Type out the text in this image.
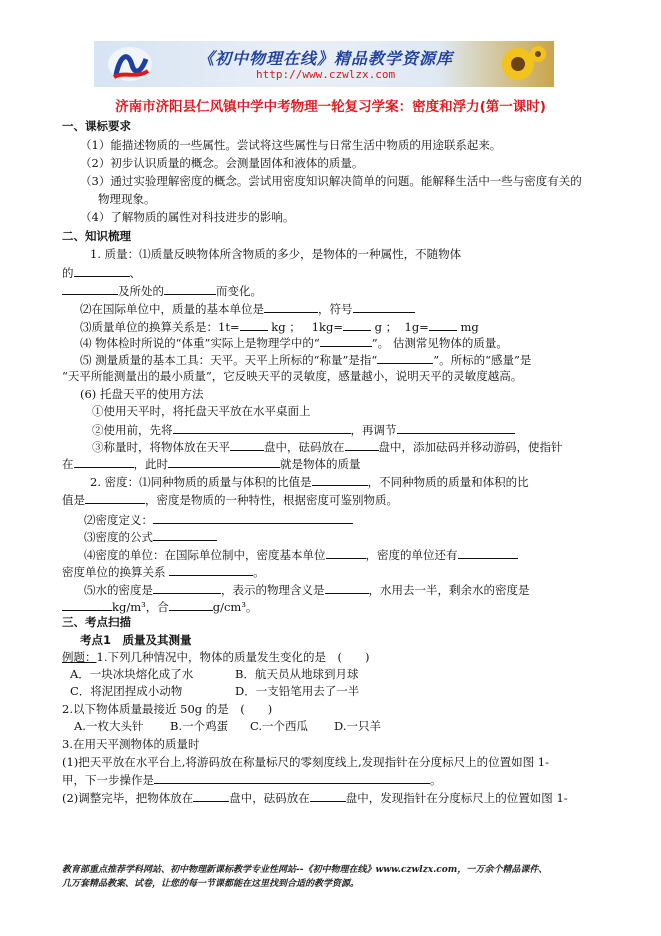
《初中物理在线》精品教学资源库
http://www.czwlzx.com
济南市济阳县仁风镇中学中考物理一轮复习学案：密度和浮力(第一课时)
一、课标要求
（1）能描述物质的一些属性。尝试将这些属性与日常生活中物质的用途联系起来。
（2）初步认识质量的概念。会测量固体和液体的质量。
（3）通过实验理解密度的概念。尝试用密度知识解决简单的问题。能解释生活中一些与密度有关的
物理现象。
（4）了解物质的属性对科技进步的影响。
二、知识梳理
1. 质量：⑴质量反映物体所含物质的多少，是物体的一种属性，不随物体
的	、
及所处的	而变化。
⑵在国际单位中，质量的基本单位是	，符号
⑶质量单位的换算关系是：1t=	kg ； 1kg=	g ； 1g=	mg
⑷ 物体检时所说的“体重”实际上是物理学中的“	”。 估测常见物体的质量。
⑸ 测量质量的基本工具：天平。天平上所标的“称量”是指“	”。所标的“感量”是
“天平所能测量出的最小质量”，它反映天平的灵敏度，感量越小，说明天平的灵敏度越高。
(6) 托盘天平的使用方法
①使用天平时，将托盘天平放在水平桌面上
②使用前，先将	，再调节
③称量时，将物体放在天平	盘中，砝码放在	盘中，添加砝码并移动游码，使指针
在	，此时	就是物体的质量
2. 密度：⑴同种物质的质量与体积的比值是	，不同种物质的质量和体积的比
值是	，密度是物质的一种特性，根据密度可鉴别物质。
⑵密度定义：
⑶密度的公式
⑷密度的单位：在国际单位制中，密度基本单位	，密度的单位还有
密度单位的换算关系	。
⑸水的密度是	，表示的物理含义是	，水用去一半，剩余水的密度是
kg/m³，合	g/cm³。
三、考点扫描
考点1　质量及其测量
例题：1.下列几种情况中，物体的质量发生变化的是　(　　)
A．一块冰块熔化成了水	B．航天员从地球到月球
C．将泥团捏成小动物	D．一支铅笔用去了一半
2.以下物体质量最接近 50g 的是　(　　)
A.一枚大头针 B.一个鸡蛋 C.一个西瓜 D.一只羊
3.在用天平测物体的质量时
(1)把天平放在水平台上,将游码放在称量标尺的零刻度线上,发现指针在分度标尺上的位置如图 1-
甲，下一步操作是	。
(2)调整完毕，把物体放在	盘中，砝码放在	盘中，发现指针在分度标尺上的位置如图 1-
教育部重点推荐学科网站、初中物理新课标教学专业性网站--《初中物理在线》www.czwlzx.com，一万余个精品课件、
几万套精品教案、试卷，让您的每一节课都能在这里找到合适的教学资源。
